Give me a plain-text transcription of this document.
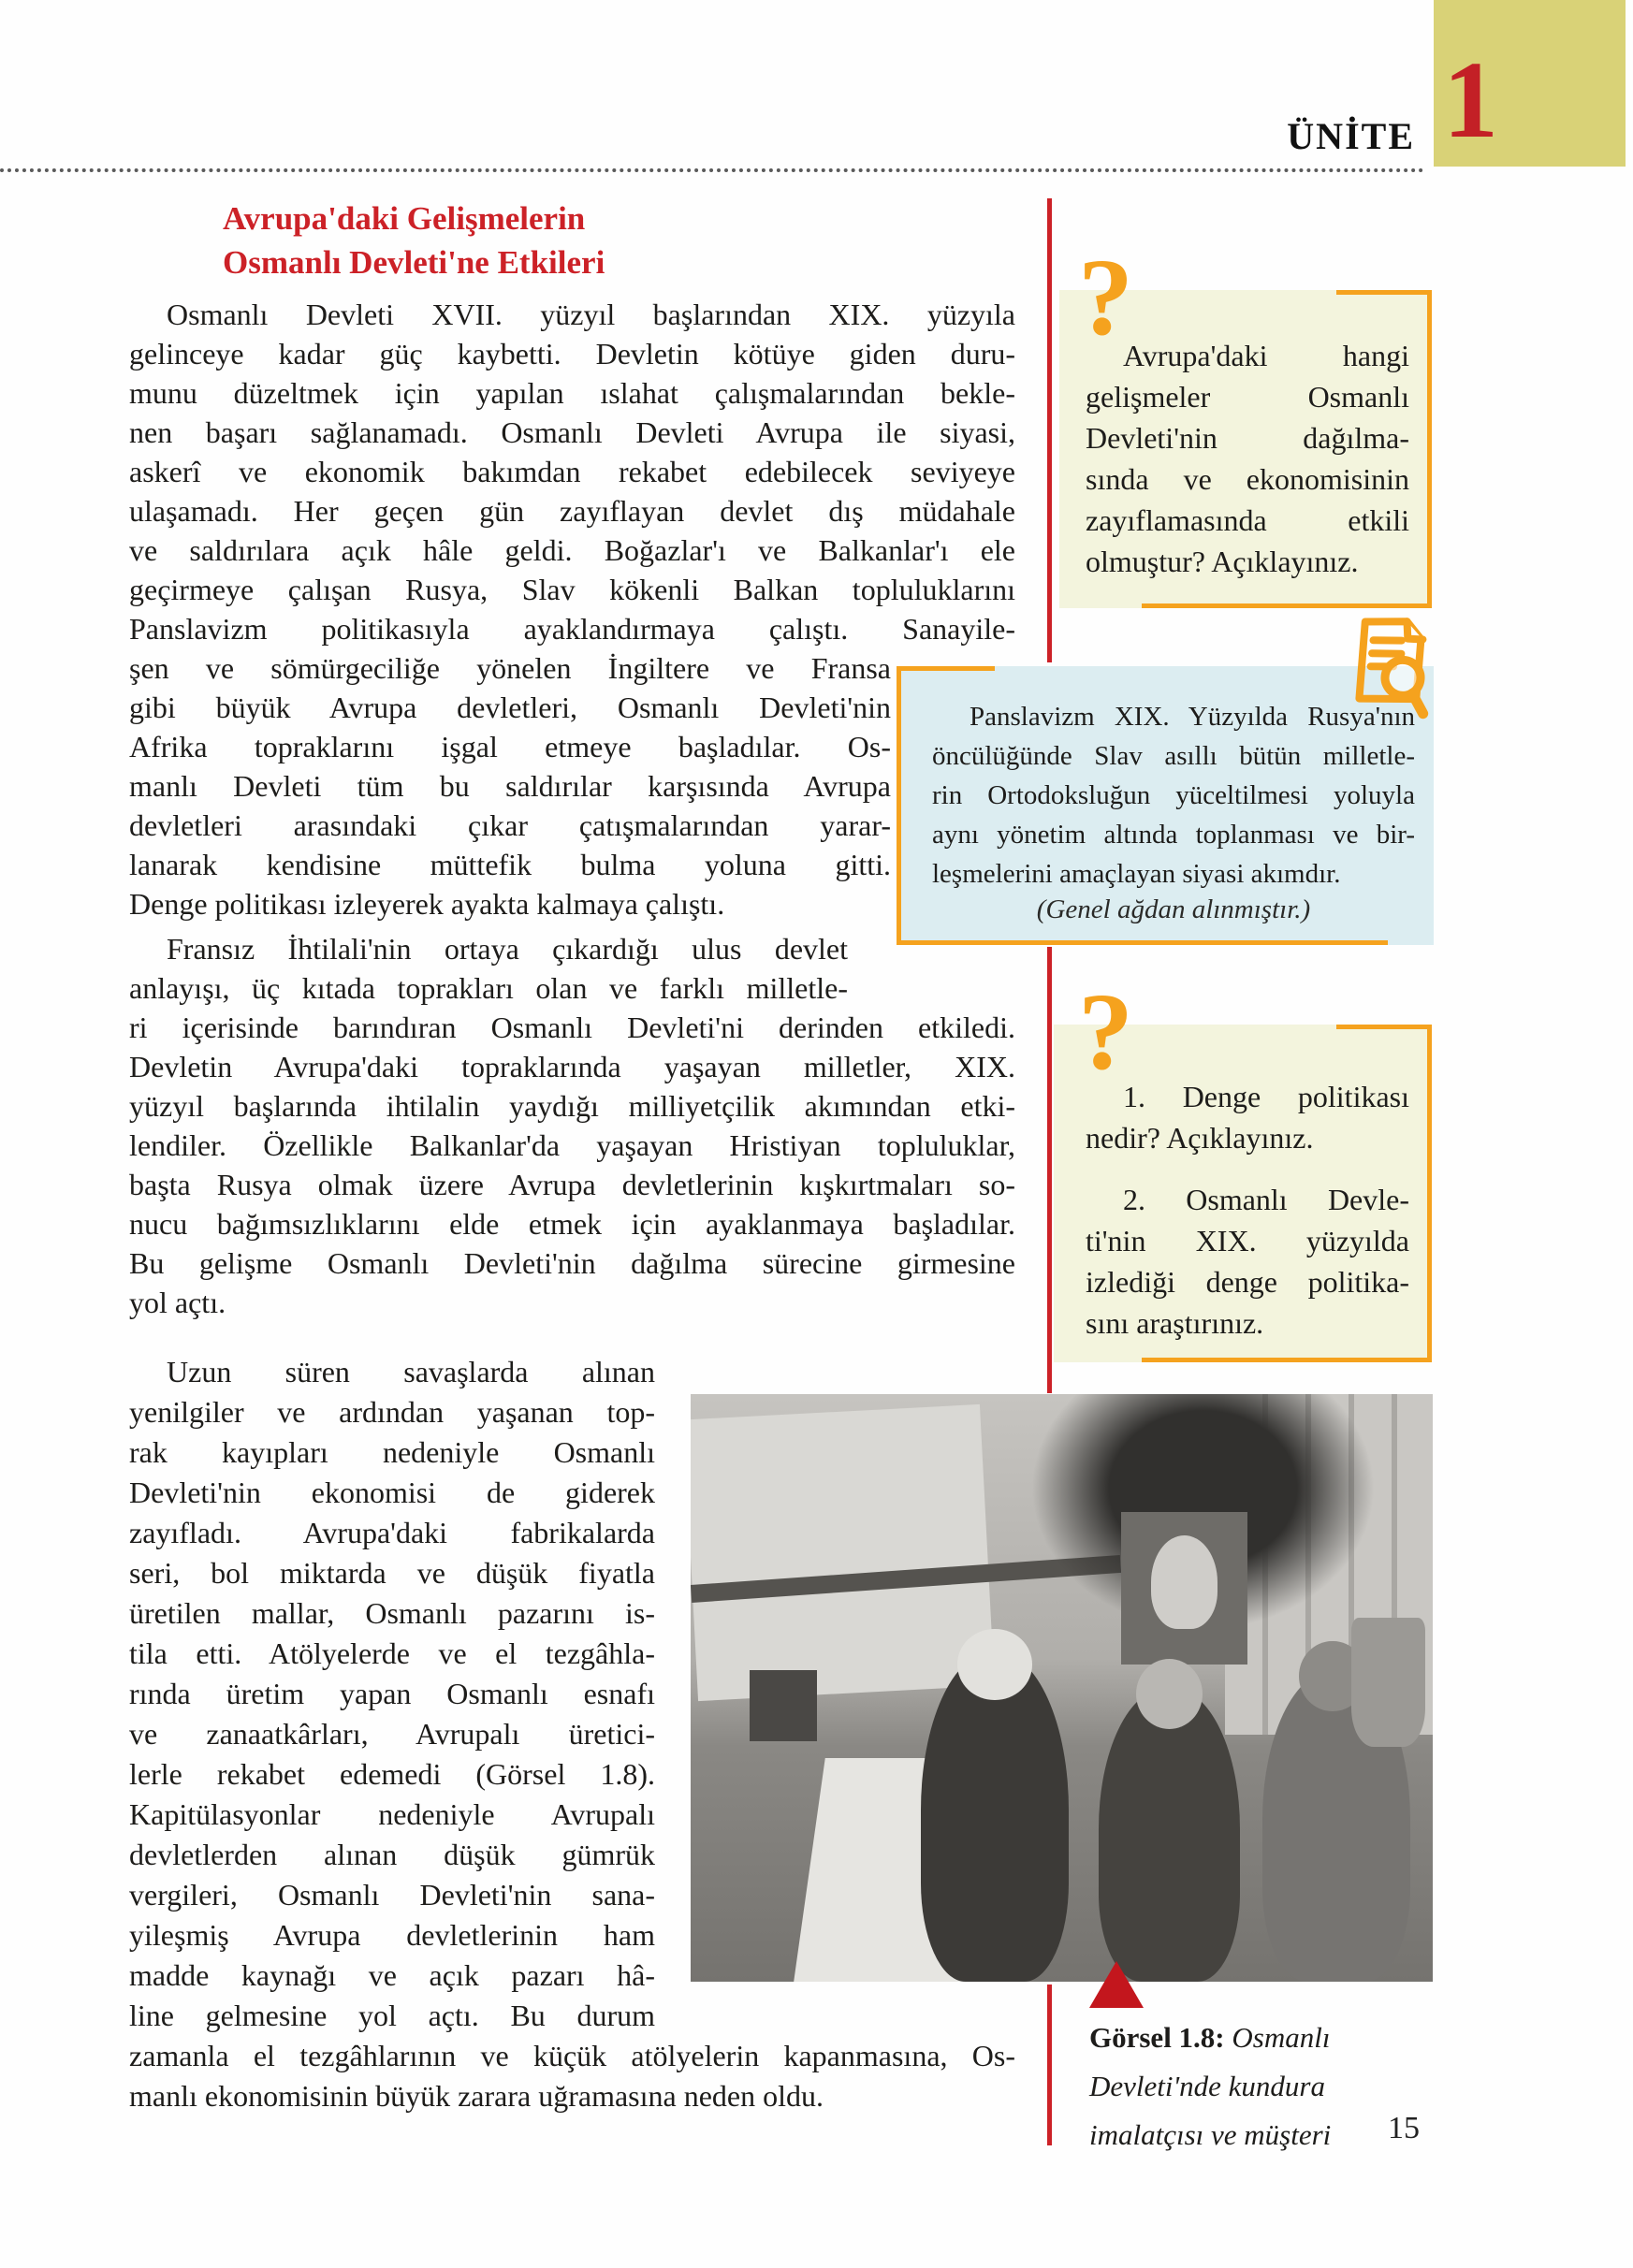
1
ÜNİTE
Avrupa'daki Gelişmelerin
Osmanlı Devleti'ne Etkileri
Osmanlı Devleti XVII. yüzyıl başlarından XIX. yüzyıla
gelinceye kadar güç kaybetti. Devletin kötüye giden duru-
munu düzeltmek için yapılan ıslahat çalışmalarından bekle-
nen başarı sağlanamadı. Osmanlı Devleti Avrupa ile siyasi,
askerî ve ekonomik bakımdan rekabet edebilecek seviyeye
ulaşamadı. Her geçen gün zayıflayan devlet dış müdahale
ve saldırılara açık hâle geldi. Boğazlar'ı ve Balkanlar'ı ele
geçirmeye çalışan Rusya, Slav kökenli Balkan topluluklarını
Panslavizm politikasıyla ayaklandırmaya çalıştı. Sanayile-
şen ve sömürgeciliğe yönelen İngiltere ve Fransa
gibi büyük Avrupa devletleri, Osmanlı Devleti'nin
Afrika topraklarını işgal etmeye başladılar. Os-
manlı Devleti tüm bu saldırılar karşısında Avrupa
devletleri arasındaki çıkar çatışmalarından yarar-
lanarak kendisine müttefik bulma yoluna gitti.
Denge politikası izleyerek ayakta kalmaya çalıştı.
Fransız İhtilali'nin ortaya çıkardığı ulus devlet
anlayışı, üç kıtada toprakları olan ve farklı milletle-
ri içerisinde barındıran Osmanlı Devleti'ni derinden etkiledi.
Devletin Avrupa'daki topraklarında yaşayan milletler, XIX.
yüzyıl başlarında ihtilalin yaydığı milliyetçilik akımından etki-
lendiler. Özellikle Balkanlar'da yaşayan Hristiyan topluluklar,
başta Rusya olmak üzere Avrupa devletlerinin kışkırtmaları so-
nucu bağımsızlıklarını elde etmek için ayaklanmaya başladılar.
Bu gelişme Osmanlı Devleti'nin dağılma sürecine girmesine
yol açtı.
Uzun süren savaşlarda alınan
yenilgiler ve ardından yaşanan top-
rak kayıpları nedeniyle Osmanlı
Devleti'nin ekonomisi de giderek
zayıfladı. Avrupa'daki fabrikalarda
seri, bol miktarda ve düşük fiyatla
üretilen mallar, Osmanlı pazarını is-
tila etti. Atölyelerde ve el tezgâhla-
rında üretim yapan Osmanlı esnafı
ve zanaatkârları, Avrupalı üretici-
lerle rekabet edemedi (Görsel 1.8).
Kapitülasyonlar nedeniyle Avrupalı
devletlerden alınan düşük gümrük
vergileri, Osmanlı Devleti'nin sana-
yileşmiş Avrupa devletlerinin ham
madde kaynağı ve açık pazarı hâ-
line gelmesine yol açtı. Bu durum
zamanla el tezgâhlarının ve küçük atölyelerin kapanmasına, Os-
manlı ekonomisinin büyük zarara uğramasına neden oldu.
?
Avrupa'daki hangi
gelişmeler Osmanlı
Devleti'nin dağılma-
sında ve ekonomisinin
zayıflamasında etkili
olmuştur? Açıklayınız.
Panslavizm XIX. Yüzyılda Rusya'nın
öncülüğünde Slav asıllı bütün milletle-
rin Ortodoksluğun yüceltilmesi yoluyla
aynı yönetim altında toplanması ve bir-
leşmelerini amaçlayan siyasi akımdır.
(Genel ağdan alınmıştır.)
?
1. Denge politikası
nedir? Açıklayınız.
2. Osmanlı Devle-
ti'nin XIX. yüzyılda
izlediği denge politika-
sını araştırınız.
Görsel 1.8: Osmanlı
Devleti'nde kundura
imalatçısı ve müşteri	15
